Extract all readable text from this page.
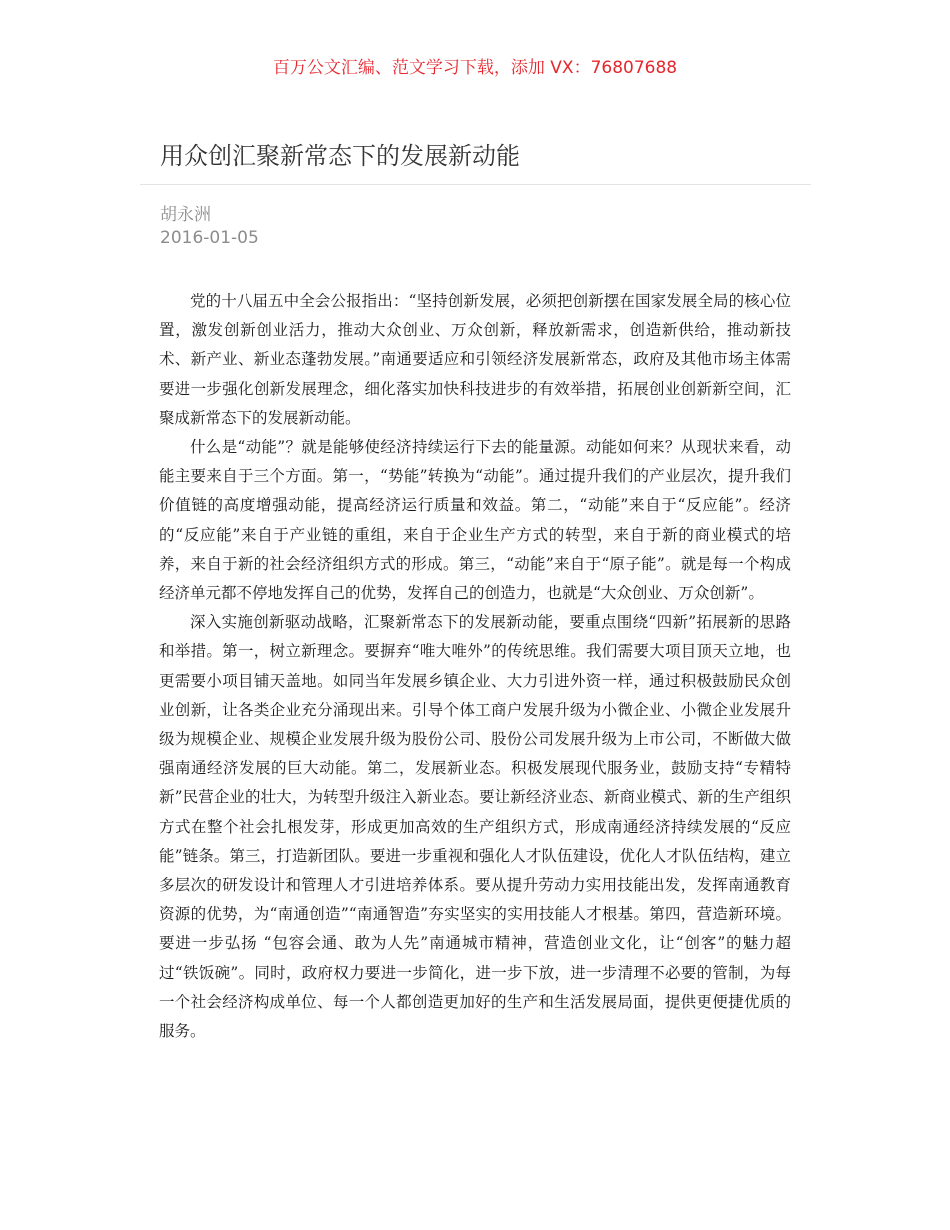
百万公文汇编、范文学习下载，添加 VX：76807688
用众创汇聚新常态下的发展新动能
胡永洲
2016-01-05

党的十八届五中全会公报指出：“坚持创新发展，必须把创新摆在国家发展全局的核心位置，激发创新创业活力，推动大众创业、万众创新，释放新需求，创造新供给，推动新技术、新产业、新业态蓬勃发展。”南通要适应和引领经济发展新常态，政府及其他市场主体需要进一步强化创新发展理念，细化落实加快科技进步的有效举措，拓展创业创新新空间，汇聚成新常态下的发展新动能。

什么是“动能”？就是能够使经济持续运行下去的能量源。动能如何来？从现状来看，动能主要来自于三个方面。第一，“势能”转换为“动能”。通过提升我们的产业层次，提升我们价值链的高度增强动能，提高经济运行质量和效益。第二，“动能”来自于“反应能”。经济的“反应能”来自于产业链的重组，来自于企业生产方式的转型，来自于新的商业模式的培养，来自于新的社会经济组织方式的形成。第三，“动能”来自于“原子能”。就是每一个构成经济单元都不停地发挥自己的优势，发挥自己的创造力，也就是“大众创业、万众创新”。

深入实施创新驱动战略，汇聚新常态下的发展新动能，要重点围绕“四新”拓展新的思路和举措。第一，树立新理念。要摒弃“唯大唯外”的传统思维。我们需要大项目顶天立地，也更需要小项目铺天盖地。如同当年发展乡镇企业、大力引进外资一样，通过积极鼓励民众创业创新，让各类企业充分涌现出来。引导个体工商户发展升级为小微企业、小微企业发展升级为规模企业、规模企业发展升级为股份公司、股份公司发展升级为上市公司，不断做大做强南通经济发展的巨大动能。第二，发展新业态。积极发展现代服务业，鼓励支持“专精特新”民营企业的壮大，为转型升级注入新业态。要让新经济业态、新商业模式、新的生产组织方式在整个社会扎根发芽，形成更加高效的生产组织方式，形成南通经济持续发展的“反应能”链条。第三，打造新团队。要进一步重视和强化人才队伍建设，优化人才队伍结构，建立多层次的研发设计和管理人才引进培养体系。要从提升劳动力实用技能出发，发挥南通教育资源的优势，为“南通创造”“南通智造”夯实坚实的实用技能人才根基。第四，营造新环境。要进一步弘扬 “包容会通、敢为人先”南通城市精神，营造创业文化，让“创客”的魅力超过“铁饭碗”。同时，政府权力要进一步简化，进一步下放，进一步清理不必要的管制，为每一个社会经济构成单位、每一个人都创造更加好的生产和生活发展局面，提供更便捷优质的服务。
